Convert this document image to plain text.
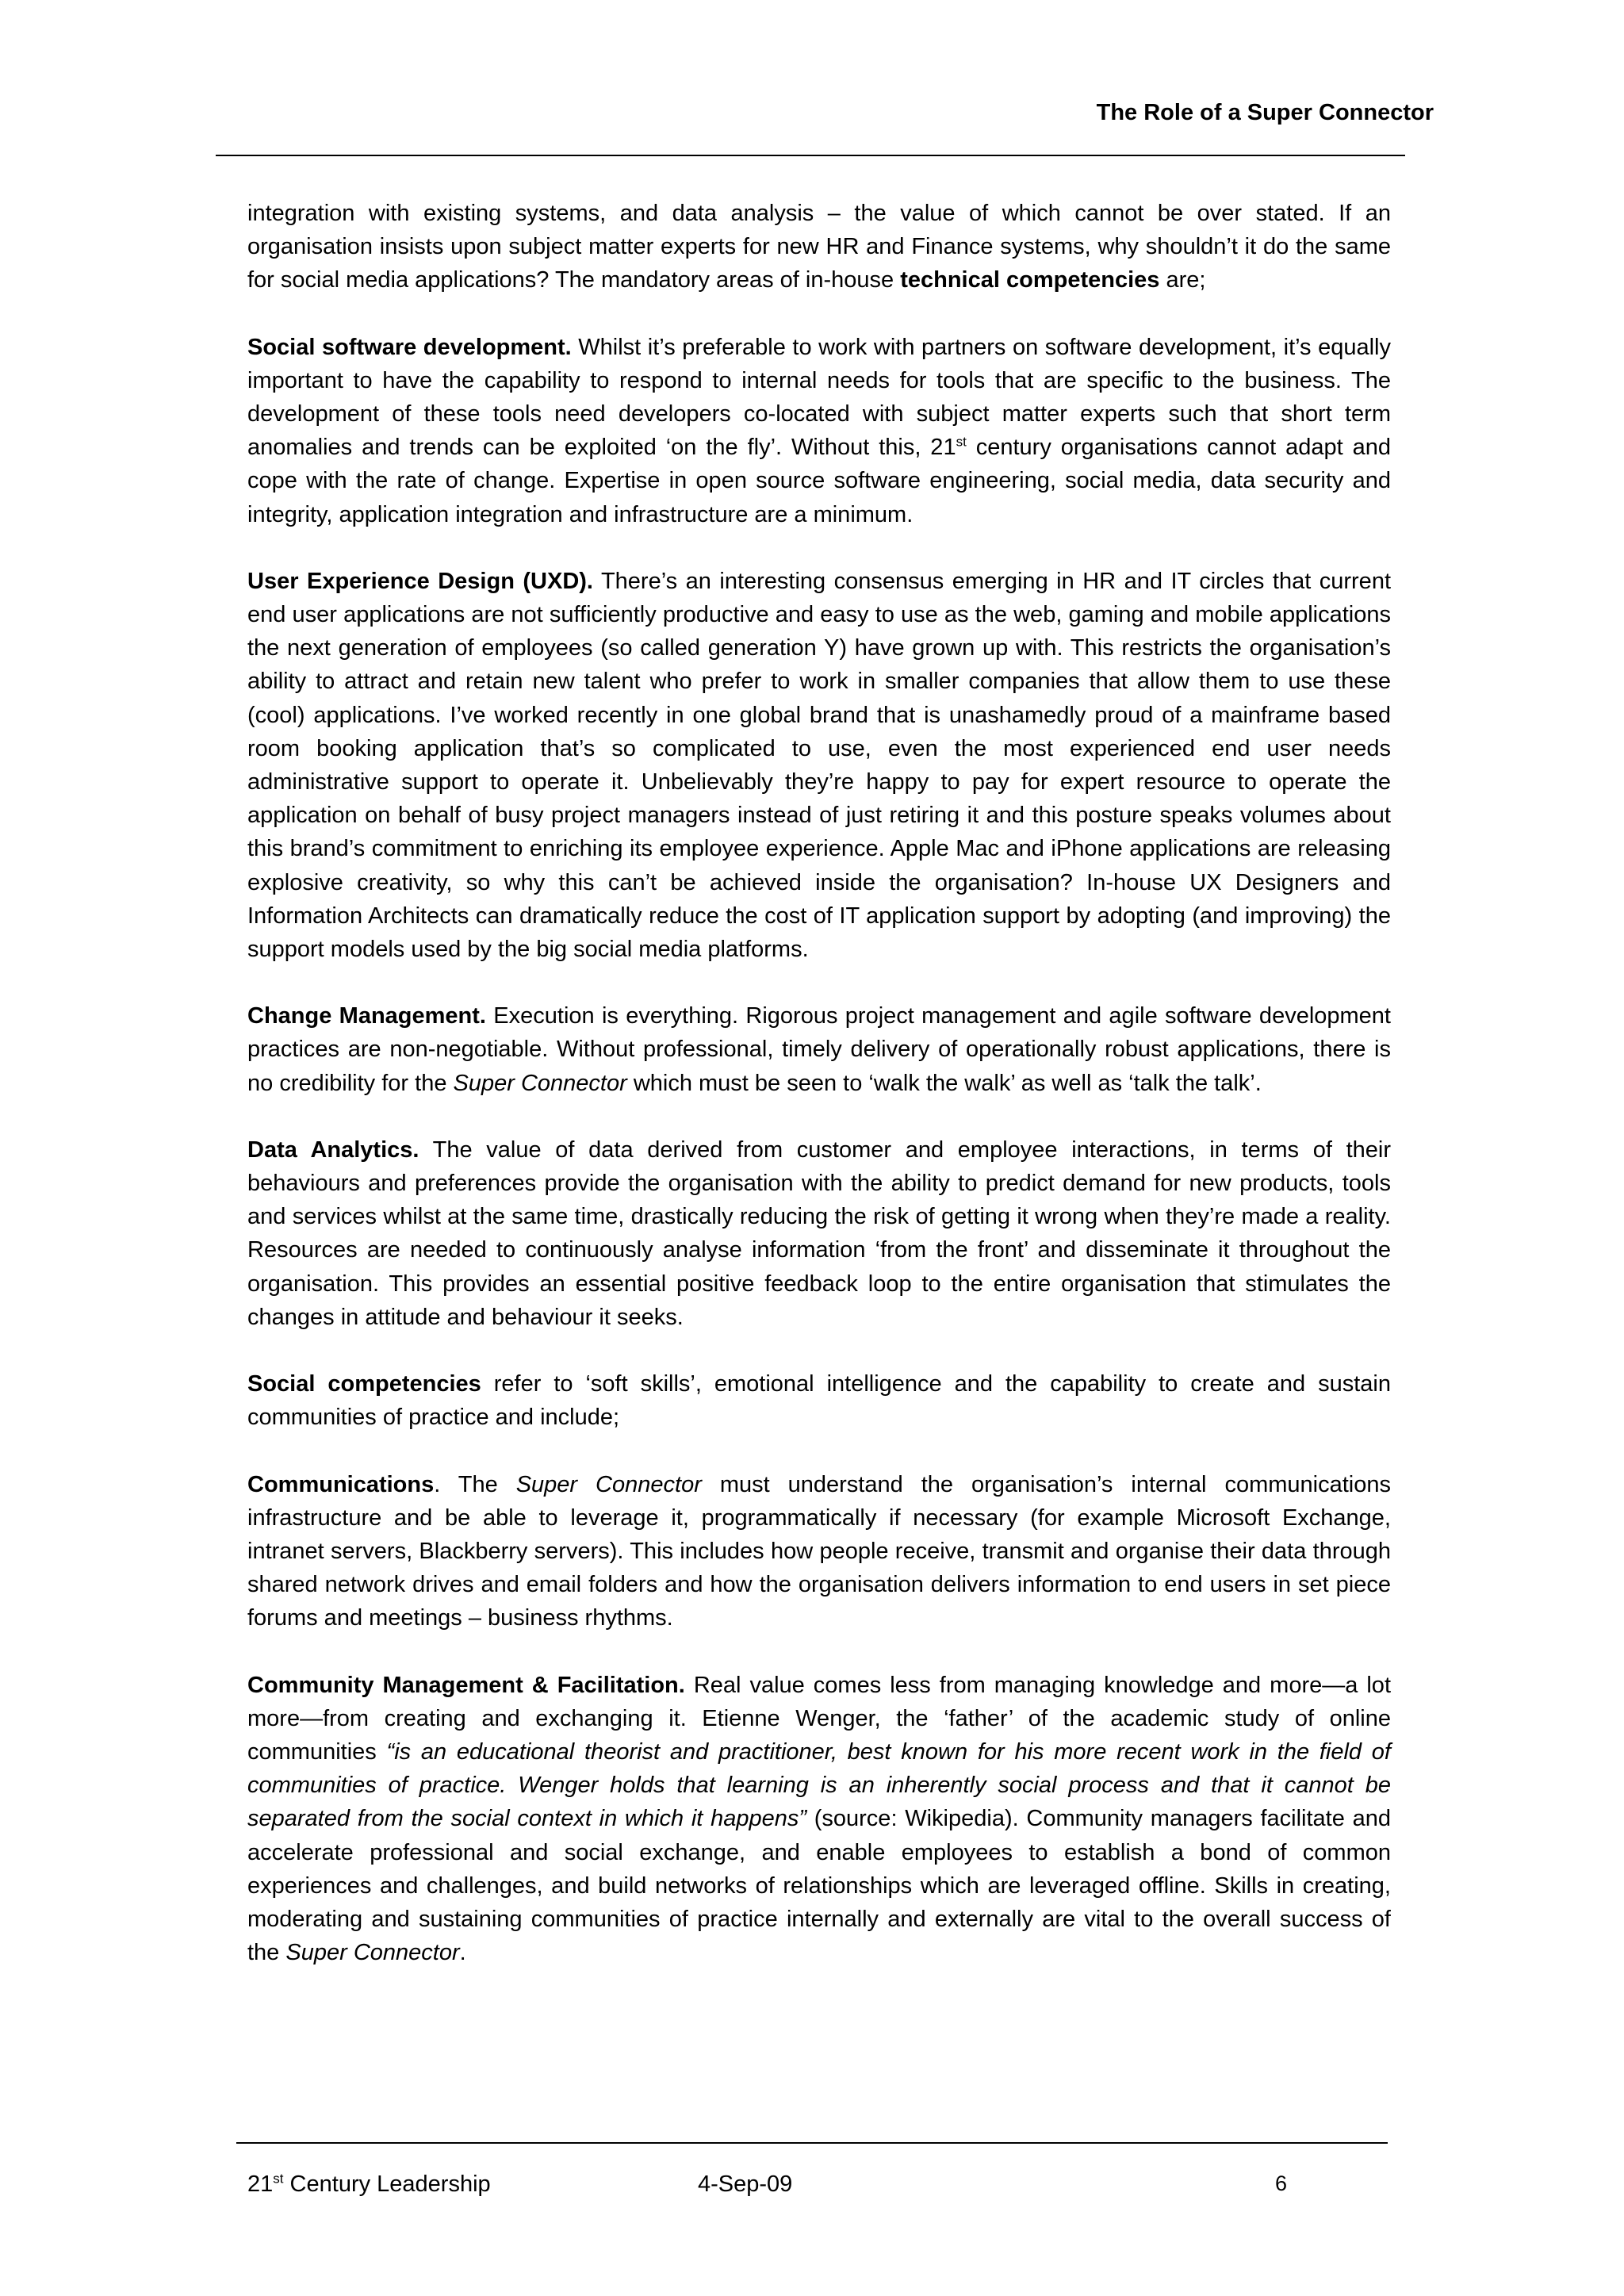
The Role of a Super Connector

integration with existing systems, and data analysis – the value of which cannot be over stated. If an organisation insists upon subject matter experts for new HR and Finance systems, why shouldn’t it do the same for social media applications? The mandatory areas of in-house technical competencies are;

Social software development. Whilst it’s preferable to work with partners on software development, it’s equally important to have the capability to respond to internal needs for tools that are specific to the business. The development of these tools need developers co-located with subject matter experts such that short term anomalies and trends can be exploited ‘on the fly’. Without this, 21st century organisations cannot adapt and cope with the rate of change. Expertise in open source software engineering, social media, data security and integrity, application integration and infrastructure are a minimum.

User Experience Design (UXD). There’s an interesting consensus emerging in HR and IT circles that current end user applications are not sufficiently productive and easy to use as the web, gaming and mobile applications the next generation of employees (so called generation Y) have grown up with. This restricts the organisation’s ability to attract and retain new talent who prefer to work in smaller companies that allow them to use these (cool) applications. I’ve worked recently in one global brand that is unashamedly proud of a mainframe based room booking application that’s so complicated to use, even the most experienced end user needs administrative support to operate it. Unbelievably they’re happy to pay for expert resource to operate the application on behalf of busy project managers instead of just retiring it and this posture speaks volumes about this brand’s commitment to enriching its employee experience. Apple Mac and iPhone applications are releasing explosive creativity, so why this can’t be achieved inside the organisation? In-house UX Designers and Information Architects can dramatically reduce the cost of IT application support by adopting (and improving) the support models used by the big social media platforms.

Change Management. Execution is everything. Rigorous project management and agile software development practices are non-negotiable. Without professional, timely delivery of operationally robust applications, there is no credibility for the Super Connector which must be seen to ‘walk the walk’ as well as ‘talk the talk’.

Data Analytics. The value of data derived from customer and employee interactions, in terms of their behaviours and preferences provide the organisation with the ability to predict demand for new products, tools and services whilst at the same time, drastically reducing the risk of getting it wrong when they’re made a reality. Resources are needed to continuously analyse information ‘from the front’ and disseminate it throughout the organisation. This provides an essential positive feedback loop to the entire organisation that stimulates the changes in attitude and behaviour it seeks.

Social competencies refer to ‘soft skills’, emotional intelligence and the capability to create and sustain communities of practice and include;

Communications. The Super Connector must understand the organisation’s internal communications infrastructure and be able to leverage it, programmatically if necessary (for example Microsoft Exchange, intranet servers, Blackberry servers). This includes how people receive, transmit and organise their data through shared network drives and email folders and how the organisation delivers information to end users in set piece forums and meetings – business rhythms.

Community Management & Facilitation. Real value comes less from managing knowledge and more—a lot more—from creating and exchanging it. Etienne Wenger, the ‘father’ of the academic study of online communities “is an educational theorist and practitioner, best known for his more recent work in the field of communities of practice. Wenger holds that learning is an inherently social process and that it cannot be separated from the social context in which it happens” (source: Wikipedia). Community managers facilitate and accelerate professional and social exchange, and enable employees to establish a bond of common experiences and challenges, and build networks of relationships which are leveraged offline. Skills in creating, moderating and sustaining communities of practice internally and externally are vital to the overall success of the Super Connector.

21st Century Leadership	4-Sep-09	6
